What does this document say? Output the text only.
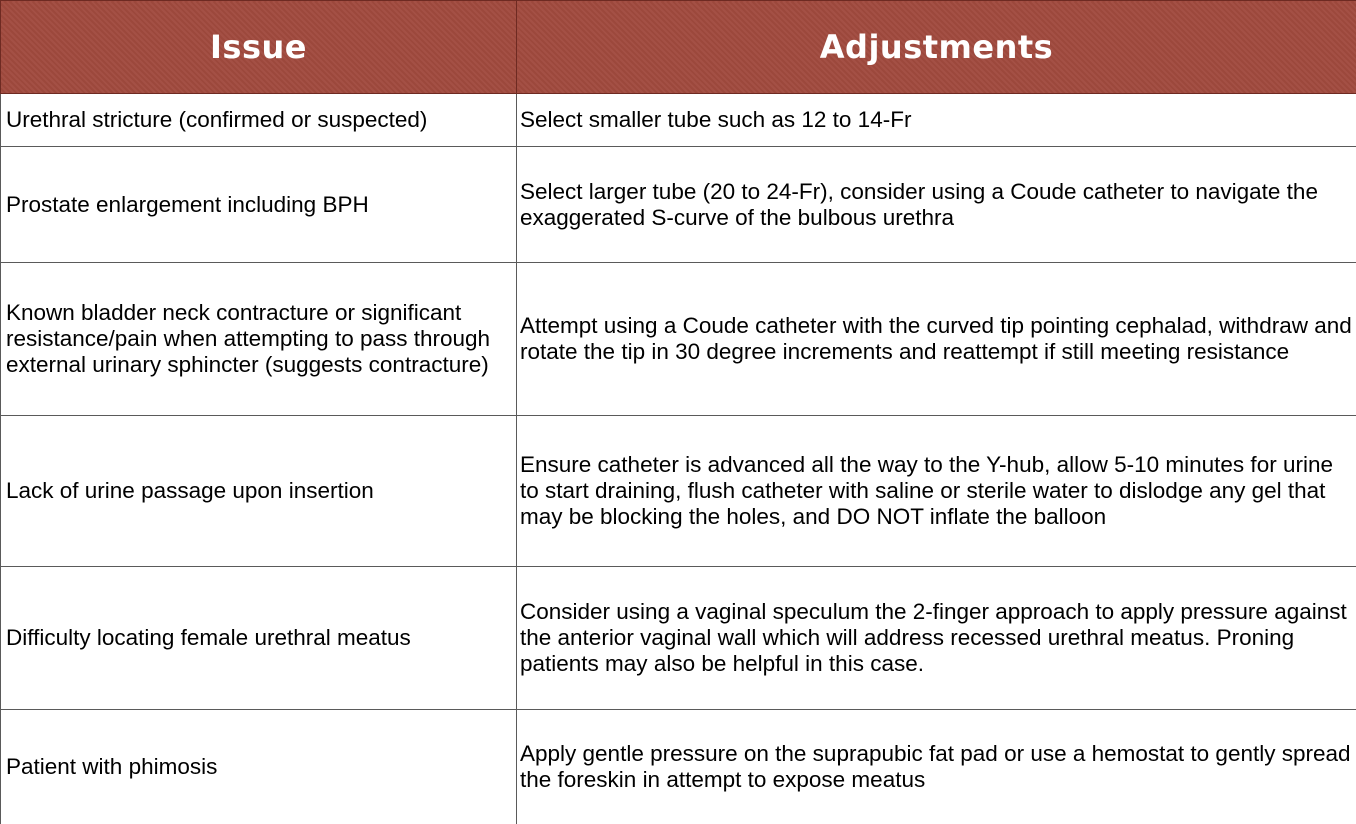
Issue	Adjustments
Urethral stricture (confirmed or suspected)	Select smaller tube such as 12 to 14-Fr
Prostate enlargement including BPH	Select larger tube (20 to 24-Fr), consider using a Coude catheter to navigate the exaggerated S-curve of the bulbous urethra
Known bladder neck contracture or significant resistance/pain when attempting to pass through external urinary sphincter (suggests contracture)	Attempt using a Coude catheter with the curved tip pointing cephalad, withdraw and rotate the tip in 30 degree increments and reattempt if still meeting resistance
Lack of urine passage upon insertion	Ensure catheter is advanced all the way to the Y-hub, allow 5-10 minutes for urine to start draining, flush catheter with saline or sterile water to dislodge any gel that may be blocking the holes, and DO NOT inflate the balloon
Difficulty locating female urethral meatus	Consider using a vaginal speculum the 2-finger approach to apply pressure against the anterior vaginal wall which will address recessed urethral meatus. Proning patients may also be helpful in this case.
Patient with phimosis	Apply gentle pressure on the suprapubic fat pad or use a hemostat to gently spread the foreskin in attempt to expose meatus
